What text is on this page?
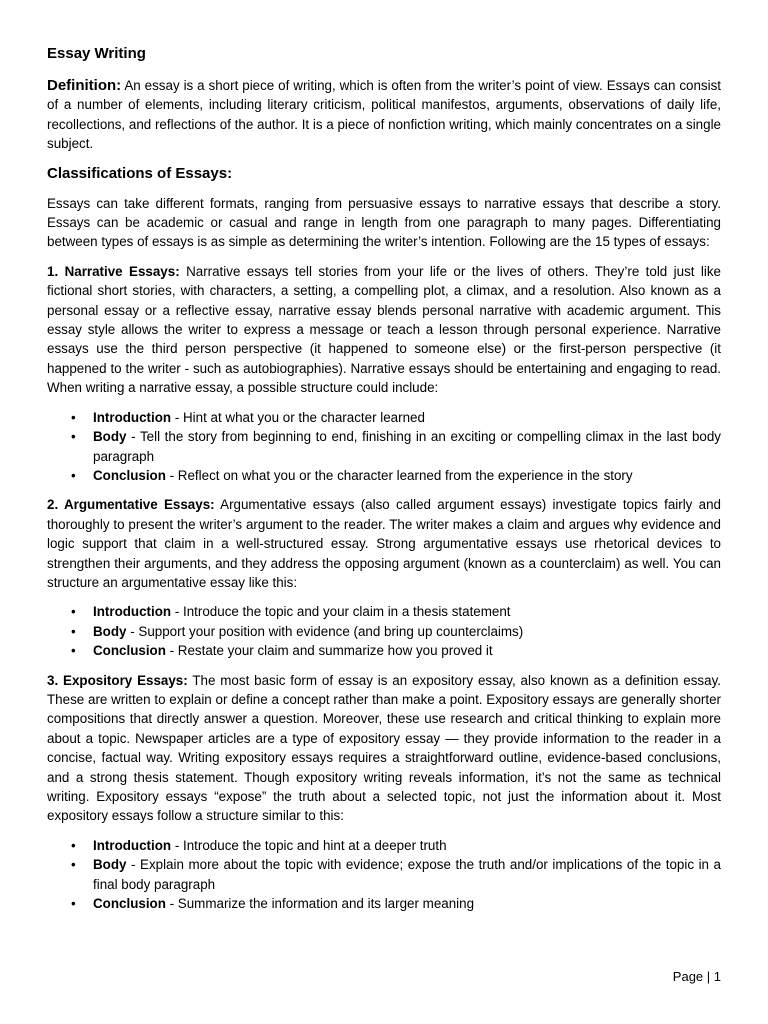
Essay Writing

Definition: An essay is a short piece of writing, which is often from the writer’s point of view. Essays can consist of a number of elements, including literary criticism, political manifestos, arguments, observations of daily life, recollections, and reflections of the author. It is a piece of nonfiction writing, which mainly concentrates on a single subject.

Classifications of Essays:

Essays can take different formats, ranging from persuasive essays to narrative essays that describe a story. Essays can be academic or casual and range in length from one paragraph to many pages. Differentiating between types of essays is as simple as determining the writer’s intention. Following are the 15 types of essays:

1. Narrative Essays: Narrative essays tell stories from your life or the lives of others. They’re told just like fictional short stories, with characters, a setting, a compelling plot, a climax, and a resolution. Also known as a personal essay or a reflective essay, narrative essay blends personal narrative with academic argument. This essay style allows the writer to express a message or teach a lesson through personal experience. Narrative essays use the third person perspective (it happened to someone else) or the first-person perspective (it happened to the writer - such as autobiographies). Narrative essays should be entertaining and engaging to read. When writing a narrative essay, a possible structure could include:

• Introduction - Hint at what you or the character learned
• Body - Tell the story from beginning to end, finishing in an exciting or compelling climax in the last body paragraph
• Conclusion - Reflect on what you or the character learned from the experience in the story

2. Argumentative Essays: Argumentative essays (also called argument essays) investigate topics fairly and thoroughly to present the writer’s argument to the reader. The writer makes a claim and argues why evidence and logic support that claim in a well-structured essay. Strong argumentative essays use rhetorical devices to strengthen their arguments, and they address the opposing argument (known as a counterclaim) as well. You can structure an argumentative essay like this:

• Introduction - Introduce the topic and your claim in a thesis statement
• Body - Support your position with evidence (and bring up counterclaims)
• Conclusion - Restate your claim and summarize how you proved it

3. Expository Essays: The most basic form of essay is an expository essay, also known as a definition essay. These are written to explain or define a concept rather than make a point. Expository essays are generally shorter compositions that directly answer a question. Moreover, these use research and critical thinking to explain more about a topic. Newspaper articles are a type of expository essay — they provide information to the reader in a concise, factual way. Writing expository essays requires a straightforward outline, evidence-based conclusions, and a strong thesis statement. Though expository writing reveals information, it’s not the same as technical writing. Expository essays “expose” the truth about a selected topic, not just the information about it. Most expository essays follow a structure similar to this:

• Introduction - Introduce the topic and hint at a deeper truth
• Body - Explain more about the topic with evidence; expose the truth and/or implications of the topic in a final body paragraph
• Conclusion - Summarize the information and its larger meaning
Page | 1
